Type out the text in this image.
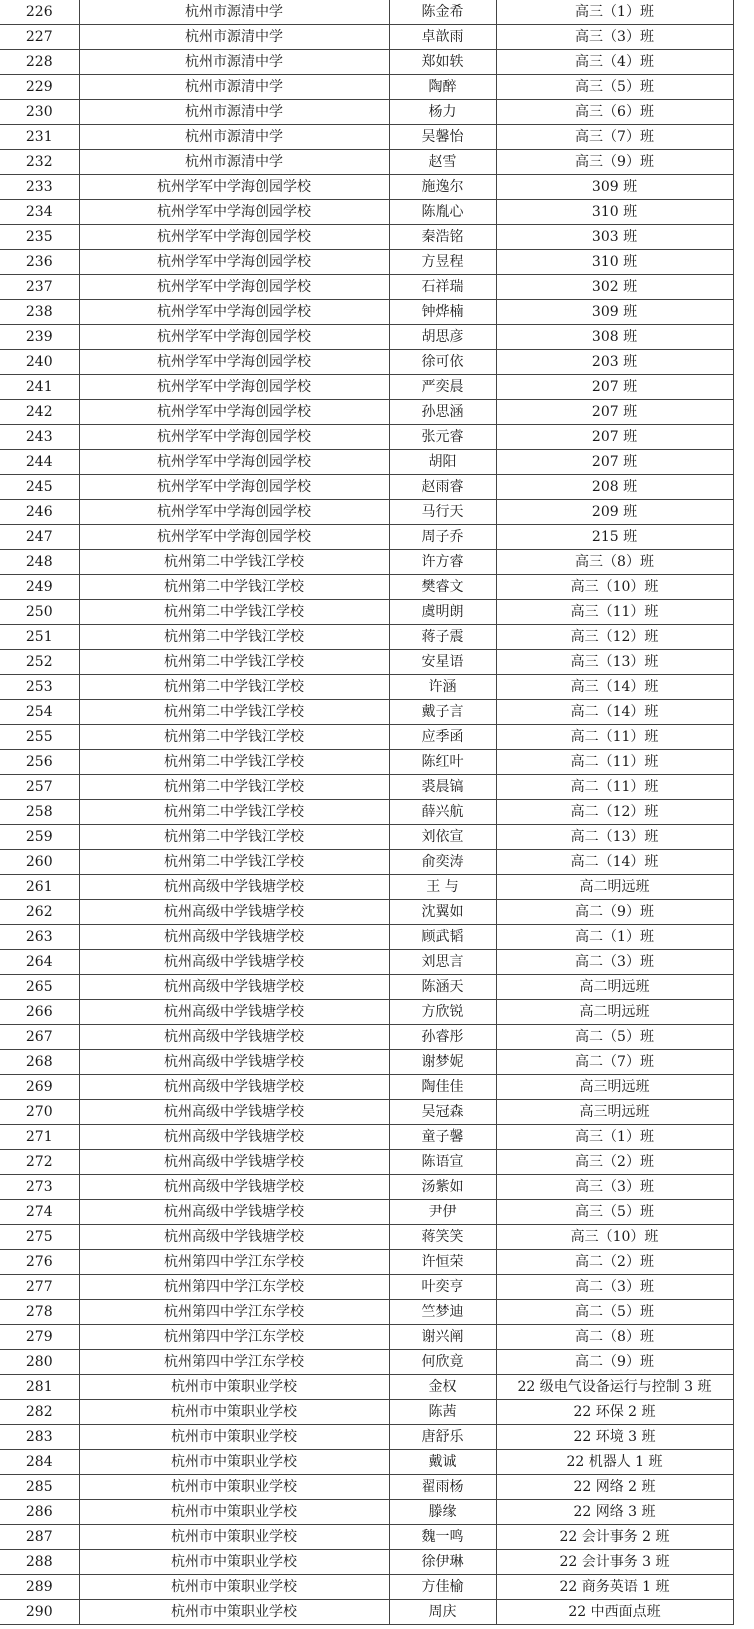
226	杭州市源清中学	陈金希	高三（1）班
227	杭州市源清中学	卓歆雨	高三（3）班
228	杭州市源清中学	郑如轶	高三（4）班
229	杭州市源清中学	陶醉	高三（5）班
230	杭州市源清中学	杨力	高三（6）班
231	杭州市源清中学	吴馨怡	高三（7）班
232	杭州市源清中学	赵雪	高三（9）班
233	杭州学军中学海创园学校	施逸尔	309 班
234	杭州学军中学海创园学校	陈胤心	310 班
235	杭州学军中学海创园学校	秦浩铭	303 班
236	杭州学军中学海创园学校	方昱程	310 班
237	杭州学军中学海创园学校	石祥瑞	302 班
238	杭州学军中学海创园学校	钟烨楠	309 班
239	杭州学军中学海创园学校	胡思彦	308 班
240	杭州学军中学海创园学校	徐可依	203 班
241	杭州学军中学海创园学校	严奕晨	207 班
242	杭州学军中学海创园学校	孙思涵	207 班
243	杭州学军中学海创园学校	张元睿	207 班
244	杭州学军中学海创园学校	胡阳	207 班
245	杭州学军中学海创园学校	赵雨睿	208 班
246	杭州学军中学海创园学校	马行天	209 班
247	杭州学军中学海创园学校	周子乔	215 班
248	杭州第二中学钱江学校	许方睿	高三（8）班
249	杭州第二中学钱江学校	樊睿文	高三（10）班
250	杭州第二中学钱江学校	虞明朗	高三（11）班
251	杭州第二中学钱江学校	蒋子震	高三（12）班
252	杭州第二中学钱江学校	安星语	高三（13）班
253	杭州第二中学钱江学校	许涵	高三（14）班
254	杭州第二中学钱江学校	戴子言	高二（14）班
255	杭州第二中学钱江学校	应季函	高二（11）班
256	杭州第二中学钱江学校	陈红叶	高二（11）班
257	杭州第二中学钱江学校	裘晨镐	高二（11）班
258	杭州第二中学钱江学校	薛兴航	高二（12）班
259	杭州第二中学钱江学校	刘依宣	高二（13）班
260	杭州第二中学钱江学校	俞奕涛	高二（14）班
261	杭州高级中学钱塘学校	王 与	高二明远班
262	杭州高级中学钱塘学校	沈翼如	高二（9）班
263	杭州高级中学钱塘学校	顾武韬	高二（1）班
264	杭州高级中学钱塘学校	刘思言	高二（3）班
265	杭州高级中学钱塘学校	陈涵天	高二明远班
266	杭州高级中学钱塘学校	方欣锐	高二明远班
267	杭州高级中学钱塘学校	孙睿彤	高二（5）班
268	杭州高级中学钱塘学校	谢梦妮	高二（7）班
269	杭州高级中学钱塘学校	陶佳佳	高三明远班
270	杭州高级中学钱塘学校	吴冠森	高三明远班
271	杭州高级中学钱塘学校	童子馨	高三（1）班
272	杭州高级中学钱塘学校	陈语宣	高三（2）班
273	杭州高级中学钱塘学校	汤紫如	高三（3）班
274	杭州高级中学钱塘学校	尹伊	高三（5）班
275	杭州高级中学钱塘学校	蒋笑笑	高三（10）班
276	杭州第四中学江东学校	许恒荣	高二（2）班
277	杭州第四中学江东学校	叶奕亨	高二（3）班
278	杭州第四中学江东学校	竺梦迪	高二（5）班
279	杭州第四中学江东学校	谢兴阐	高二（8）班
280	杭州第四中学江东学校	何欣竟	高二（9）班
281	杭州市中策职业学校	金权	22 级电气设备运行与控制 3 班
282	杭州市中策职业学校	陈茜	22 环保 2 班
283	杭州市中策职业学校	唐舒乐	22 环境 3 班
284	杭州市中策职业学校	戴诚	22 机器人 1 班
285	杭州市中策职业学校	翟雨杨	22 网络 2 班
286	杭州市中策职业学校	滕缘	22 网络 3 班
287	杭州市中策职业学校	魏一鸣	22 会计事务 2 班
288	杭州市中策职业学校	徐伊琳	22 会计事务 3 班
289	杭州市中策职业学校	方佳榆	22 商务英语 1 班
290	杭州市中策职业学校	周庆	22 中西面点班
